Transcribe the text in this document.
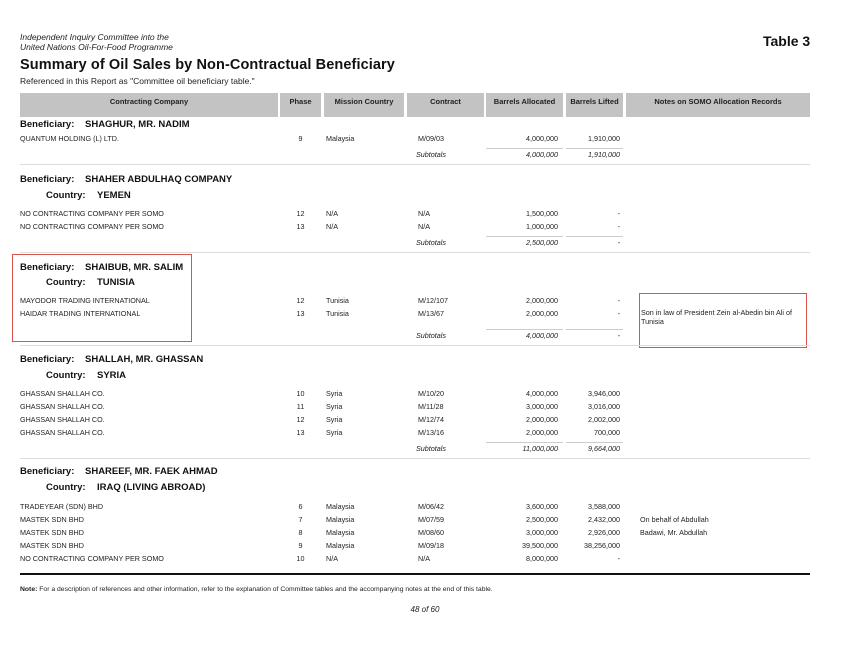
Independent Inquiry Committee into the
United Nations Oil-For-Food Programme	Table 3
Summary of Oil Sales by Non-Contractual Beneficiary
Referenced in this Report as "Committee oil beneficiary table."
Contracting Company	Phase	Mission Country	Contract	Barrels Allocated	Barrels Lifted	Notes on SOMO Allocation Records
Beneficiary: SHAGHUR, MR. NADIM
QUANTUM HOLDING (L) LTD.	9	Malaysia	M/09/03	4,000,000	1,910,000
Subtotals	4,000,000	1,910,000
Beneficiary: SHAHER ABDULHAQ COMPANY
Country: YEMEN
NO CONTRACTING COMPANY PER SOMO	12	N/A	N/A	1,500,000	-
NO CONTRACTING COMPANY PER SOMO	13	N/A	N/A	1,000,000	-
Subtotals	2,500,000	-
Beneficiary: SHAIBUB, MR. SALIM
Country: TUNISIA
MAYODOR TRADING INTERNATIONAL	12	Tunisia	M/12/107	2,000,000	-
HAIDAR TRADING INTERNATIONAL	13	Tunisia	M/13/67	2,000,000	-	Son in law of President Zein al-Abedin bin Ali of Tunisia
Subtotals	4,000,000	-
Beneficiary: SHALLAH, MR. GHASSAN
Country: SYRIA
GHASSAN SHALLAH CO.	10	Syria	M/10/20	4,000,000	3,946,000
GHASSAN SHALLAH CO.	11	Syria	M/11/28	3,000,000	3,016,000
GHASSAN SHALLAH CO.	12	Syria	M/12/74	2,000,000	2,002,000
GHASSAN SHALLAH CO.	13	Syria	M/13/16	2,000,000	700,000
Subtotals	11,000,000	9,664,000
Beneficiary: SHAREEF, MR. FAEK AHMAD
Country: IRAQ (LIVING ABROAD)
TRADEYEAR (SDN) BHD	6	Malaysia	M/06/42	3,600,000	3,588,000
MASTEK SDN BHD	7	Malaysia	M/07/59	2,500,000	2,432,000	On behalf of Abdullah
MASTEK SDN BHD	8	Malaysia	M/08/60	3,000,000	2,926,000	Badawi, Mr. Abdullah
MASTEK SDN BHD	9	Malaysia	M/09/18	39,500,000	38,256,000
NO CONTRACTING COMPANY PER SOMO	10	N/A	N/A	8,000,000	-
Note: For a description of references and other information, refer to the explanation of Committee tables and the accompanying notes at the end of this table.
48 of 60
